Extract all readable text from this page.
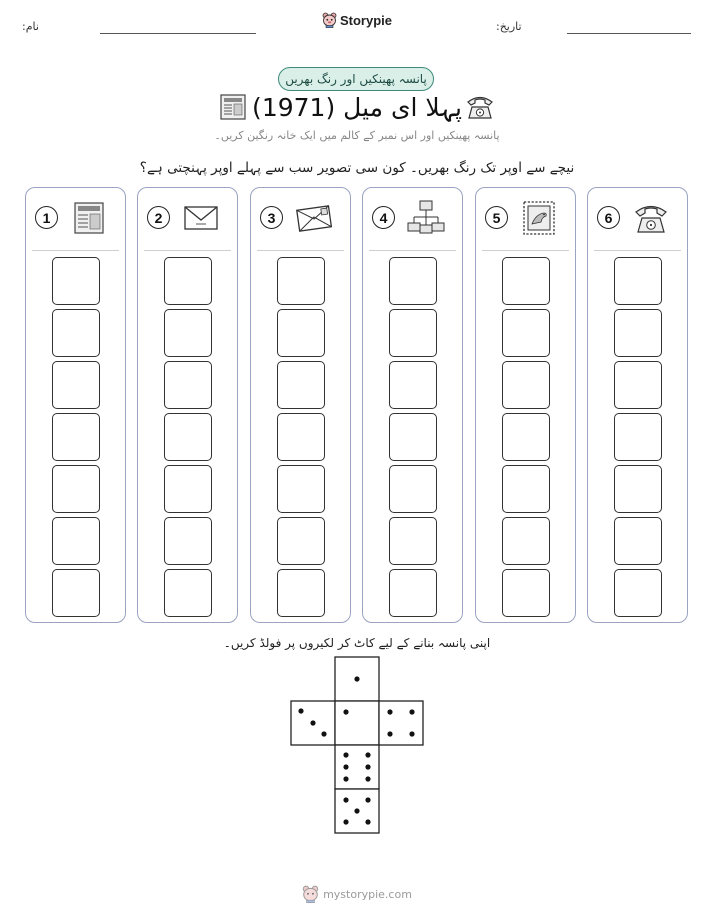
نام:	تاریخ:
Storypie
پانسہ پھینکیں اور رنگ بھریں
پہلا ای میل (1971)
پانسہ پھینکیں اور اس نمبر کے کالم میں ایک خانہ رنگین کریں۔
نیچے سے اوپر تک رنگ بھریں۔ کون سی تصویر سب سے پہلے اوپر پہنچتی ہے؟
1	2	3	4	5	6
اپنی پانسہ بنانے کے لیے کاٹ کر لکیروں پر فولڈ کریں۔
mystorypie.com
